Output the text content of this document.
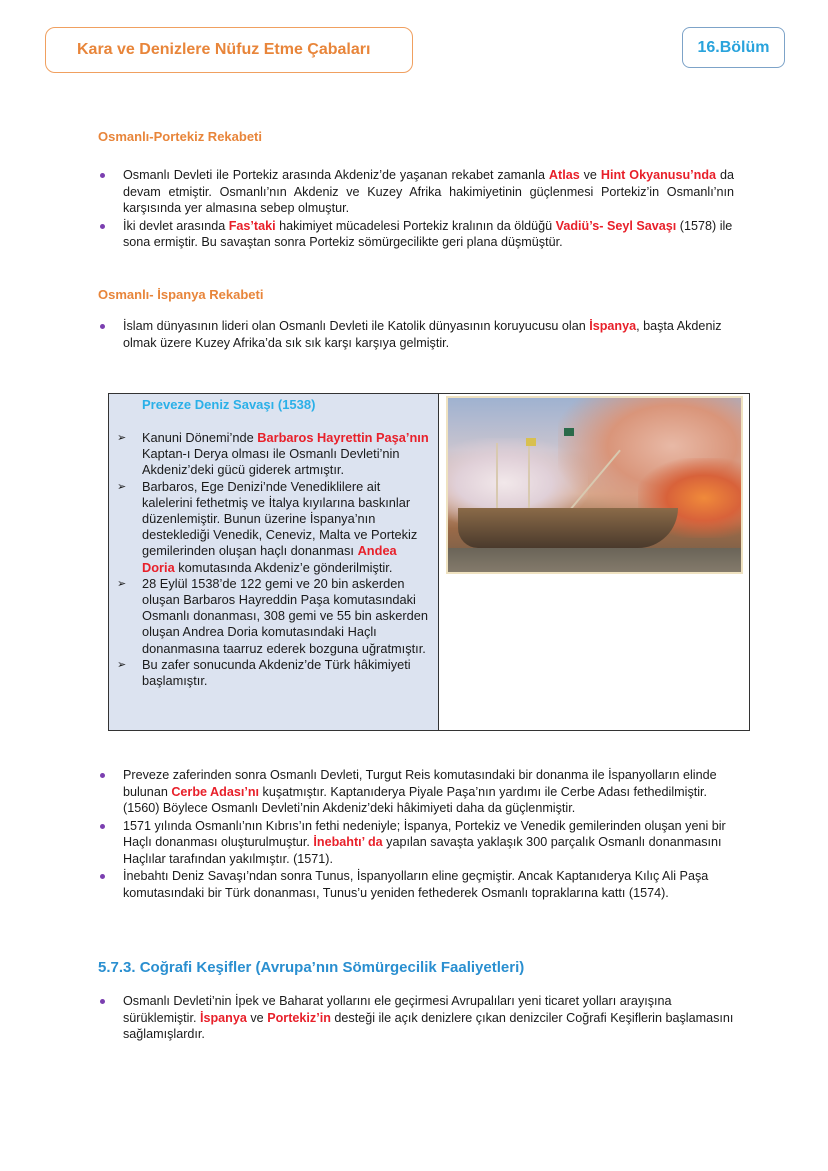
Kara ve Denizlere Nüfuz Etme Çabaları	16.Bölüm
Osmanlı-Portekiz Rekabeti
Osmanlı Devleti ile Portekiz arasında Akdeniz’de yaşanan rekabet zamanla Atlas ve Hint Okyanusu’nda da devam etmiştir. Osmanlı’nın Akdeniz ve Kuzey Afrika hakimiyetinin güçlenmesi Portekiz’in Osmanlı’nın karşısında yer almasına sebep olmuştur.
İki devlet arasında Fas’taki hakimiyet mücadelesi Portekiz kralının da öldüğü Vadiü’s- Seyl Savaşı (1578) ile sona ermiştir. Bu savaştan sonra Portekiz sömürgecilikte geri plana düşmüştür.
Osmanlı- İspanya Rekabeti
İslam dünyasının lideri olan Osmanlı Devleti ile Katolik dünyasının koruyucusu olan İspanya, başta Akdeniz olmak üzere Kuzey Afrika’da sık sık karşı karşıya gelmiştir.
Preveze Deniz Savaşı (1538)
➢ Kanuni Dönemi’nde Barbaros Hayrettin Paşa’nın Kaptan-ı Derya olması ile Osmanlı Devleti’nin Akdeniz’deki gücü giderek artmıştır.
➢ Barbaros, Ege Denizi’nde Venediklilere ait kalelerini fethetmiş ve İtalya kıyılarına baskınlar düzenlemiştir. Bunun üzerine İspanya’nın desteklediği Venedik, Ceneviz, Malta ve Portekiz gemilerinden oluşan haçlı donanması Andea Doria komutasında Akdeniz’e gönderilmiştir.
➢ 28 Eylül 1538’de 122 gemi ve 20 bin askerden oluşan Barbaros Hayreddin Paşa komutasındaki Osmanlı donanması, 308 gemi ve 55 bin askerden oluşan Andrea Doria komutasındaki Haçlı donanmasına taarruz ederek bozguna uğratmıştır.
➢ Bu zafer sonucunda Akdeniz’de Türk hâkimiyeti başlamıştır.
Preveze zaferinden sonra Osmanlı Devleti, Turgut Reis komutasındaki bir donanma ile İspanyolların elinde bulunan Cerbe Adası’nı kuşatmıştır. Kaptanıderya Piyale Paşa’nın yardımı ile Cerbe Adası fethedilmiştir. (1560) Böylece Osmanlı Devleti’nin Akdeniz’deki hâkimiyeti daha da güçlenmiştir.
1571 yılında Osmanlı’nın Kıbrıs’ın fethi nedeniyle; İspanya, Portekiz ve Venedik gemilerinden oluşan yeni bir Haçlı donanması oluşturulmuştur. İnebahtı’ da yapılan savaşta yaklaşık 300 parçalık Osmanlı donanmasını Haçlılar tarafından yakılmıştır. (1571).
İnebahtı Deniz Savaşı’ndan sonra Tunus, İspanyolların eline geçmiştir. Ancak Kaptanıderya Kılıç Ali Paşa komutasındaki bir Türk donanması, Tunus’u yeniden fethederek Osmanlı topraklarına kattı (1574).
5.7.3. Coğrafi Keşifler (Avrupa’nın Sömürgecilik Faaliyetleri)
Osmanlı Devleti’nin İpek ve Baharat yollarını ele geçirmesi Avrupalıları yeni ticaret yolları arayışına sürüklemiştir. İspanya ve Portekiz’in desteği ile açık denizlere çıkan denizciler Coğrafi Keşiflerin başlamasını sağlamışlardır.
